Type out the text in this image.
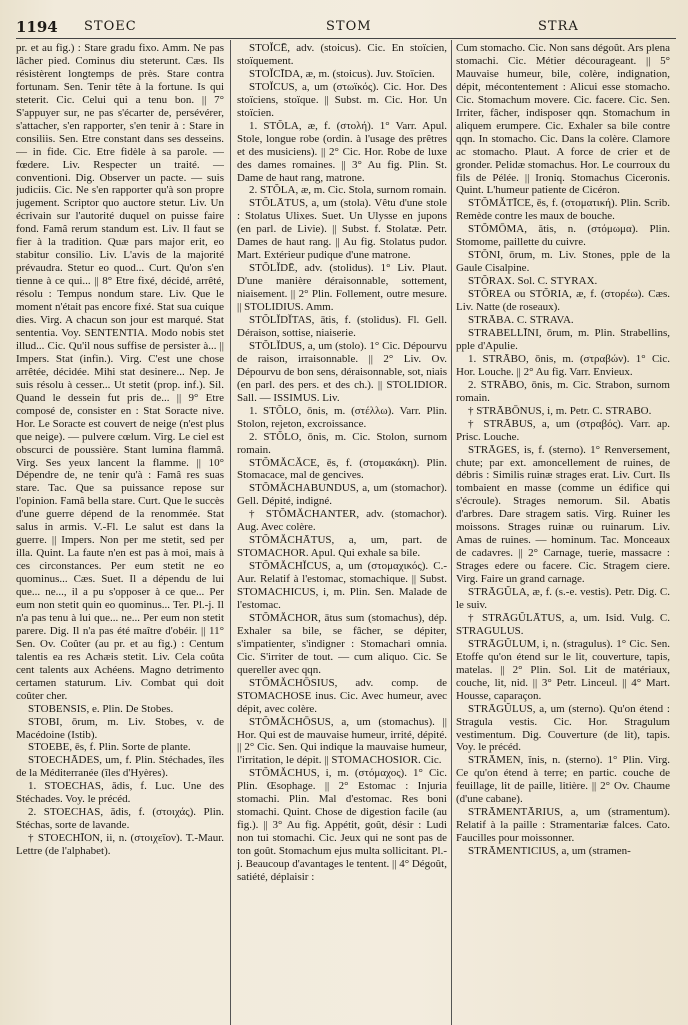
1194 STOEC	STOM	STRA

pr. et au fig.) : Stare gradu fixo. Amm. Ne pas lâcher pied. Cominus diu steterunt. Cæs. Ils résistèrent longtemps de près. Stare contra fortunam. Sen. Tenir tête à la fortune. Is qui steterit. Cic. Celui qui a tenu bon. || 7° S'appuyer sur, ne pas s'écarter de, persévérer, s'attacher, s'en rapporter, s'en tenir à : Stare in consiliis. Sen. Etre constant dans ses desseins. — in fide. Cic. Etre fidèle à sa parole. — fœdere. Liv. Respecter un traité. — conventioni. Dig. Observer un pacte. — suis judiciis. Cic. Ne s'en rapporter qu'à son propre jugement. Scriptor quo auctore stetur. Liv. Un écrivain sur l'autorité duquel on puisse faire fond. Famâ rerum standum est. Liv. Il faut se fier à la tradition. Quæ pars major erit, eo stabitur consilio. Liv. L'avis de la majorité prévaudra. Stetur eo quod... Curt. Qu'on s'en tienne à ce qui... || 8° Etre fixé, décidé, arrêté, résolu : Tempus nondum stare. Liv. Que le moment n'était pas encore fixé. Stat sua cuique dies. Virg. A chacun son jour est marqué. Stat sententia. Voy. SENTENTIA. Modo nobis stet illud... Cic. Qu'il nous suffise de persister à... || Impers. Stat (infin.). Virg. C'est une chose arrêtée, décidée. Mihi stat desinere... Nep. Je suis résolu à cesser... Ut stetit (prop. inf.). Sil. Quand le dessein fut pris de... || 9° Etre composé de, consister en : Stat Soracte nive. Hor. Le Soracte est couvert de neige (n'est plus que neige). — pulvere cœlum. Virg. Le ciel est obscurci de poussière. Stant lumina flammâ. Virg. Ses yeux lancent la flamme. || 10° Dépendre de, ne tenir qu'à : Famâ res suas stare. Tac. Que sa puissance repose sur l'opinion. Famâ bella stare. Curt. Que le succès d'une guerre dépend de la renommée. Stat salus in armis. V.-Fl. Le salut est dans la guerre. || Impers. Non per me stetit, sed per illa. Quint. La faute n'en est pas à moi, mais à ces circonstances. Per eum stetit ne eo quominus... Cæs. Suet. Il a dépendu de lui que... ne..., il a pu s'opposer à ce que... Per eum non stetit quin eo quominus... Ter. Pl.-j. Il n'a pas tenu à lui que... ne... Per eum non stetit parere. Dig. Il n'a pas été maître d'obéir. || 11° Sen. Ov. Coûter (au pr. et au fig.) : Centum talentis ea res Achæis stetit. Liv. Cela coûta cent talents aux Achéens. Magno detrimento certamen staturum. Liv. Combat qui doit coûter cher.

STOBENSIS, e. Plin. De Stobes.

STOBI, ōrum, m. Liv. Stobes, v. de Macédoine (Istib).

STOEBE, ēs, f. Plin. Sorte de plante.

STOECHĀDES, um, f. Plin. Stéchades, îles de la Méditerranée (îles d'Hyères).

1. STOECHAS, ădis, f. Luc. Une des Stéchades. Voy. le précéd.

2. STOECHAS, ădis, f. (στοιχάς). Plin. Stéchas, sorte de lavande.

† STOECHĪON, ii, n. (στοιχεῖον). T.-Maur. Lettre (de l'alphabet).

STOĬCĒ, adv. (stoicus). Cic. En stoïcien, stoïquement.

STOĬCĪDA, æ, m. (stoicus). Juv. Stoïcien.

STOĬCUS, a, um (στωϊκός). Cic. Hor. Des stoïciens, stoïque. || Subst. m. Cic. Hor. Un stoïcien.

1. STŎLA, æ, f. (στολή). 1° Varr. Apul. Stole, longue robe (ordin. à l'usage des prêtres et des musiciens). || 2° Cic. Hor. Robe de luxe des dames romaines. || 3° Au fig. Plin. St. Dame de haut rang, matrone.

2. STŎLA, æ, m. Cic. Stola, surnom romain.

STŎLĀTUS, a, um (stola). Vêtu d'une stole : Stolatus Ulixes. Suet. Un Ulysse en jupons (en parl. de Livie). || Subst. f. Stolatæ. Petr. Dames de haut rang. || Au fig. Stolatus pudor. Mart. Extérieur pudique d'une matrone.

STŎLĬDĒ, adv. (stolidus). 1° Liv. Plaut. D'une manière déraisonnable, sottement, niaisement. || 2° Plin. Follement, outre mesure. || STOLIDIUS. Amm.

STŎLĬDĬTAS, ātis, f. (stolidus). Fl. Gell. Déraison, sottise, niaiserie.

STŎLĬDUS, a, um (stolo). 1° Cic. Dépourvu de raison, irraisonnable. || 2° Liv. Ov. Dépourvu de bon sens, déraisonnable, sot, niais (en parl. des pers. et des ch.). || STOLIDIOR. Sall. — ISSIMUS. Liv.

1. STŎLO, ōnis, m. (στέλλω). Varr. Plin. Stolon, rejeton, excroissance.

2. STŎLO, ōnis, m. Cic. Stolon, surnom romain.

STŎMĂCĂCE, ēs, f. (στομακάκη). Plin. Stomacace, mal de gencives.

STŎMĂCHABUNDUS, a, um (stomachor). Gell. Dépité, indigné.

† STŎMĂCHANTER, adv. (stomachor). Aug. Avec colère.

STŎMĂCHĀTUS, a, um, part. de STOMACHOR. Apul. Qui exhale sa bile.

STŎMĂCHĬCUS, a, um (στομαχικός). C.-Aur. Relatif à l'estomac, stomachique. || Subst. STOMACHICUS, i, m. Plin. Sen. Malade de l'estomac.

STŎMĂCHOR, ātus sum (stomachus), dép. Exhaler sa bile, se fâcher, se dépiter, s'impatienter, s'indigner : Stomachari omnia. Cic. S'irriter de tout. — cum aliquo. Cic. Se quereller avec qqn.

STŎMĂCHŌSIUS, adv. comp. de STOMACHOSE inus. Cic. Avec humeur, avec dépit, avec colère.

STŎMĂCHŌSUS, a, um (stomachus). || Hor. Qui est de mauvaise humeur, irrité, dépité. || 2° Cic. Sen. Qui indique la mauvaise humeur, l'irritation, le dépit. || STOMACHOSIOR. Cic.

STŎMĂCHUS, i, m. (στόμαχος). 1° Cic. Plin. Œsophage. || 2° Estomac : Injuria stomachi. Plin. Mal d'estomac. Res boni stomachi. Quint. Chose de digestion facile (au fig.). || 3° Au fig. Appétit, goût, désir : Ludi non tui stomachi. Cic. Jeux qui ne sont pas de ton goût. Stomachum ejus multa sollicitant. Pl.-j. Beaucoup d'avantages le tentent. || 4° Dégoût, satiété, déplaisir :

Cum stomacho. Cic. Non sans dégoût. Ars plena stomachi. Cic. Métier décourageant. || 5° Mauvaise humeur, bile, colère, indignation, dépit, mécontentement : Alicui esse stomacho. Cic. Stomachum movere. Cic. facere. Cic. Sen. Irriter, fâcher, indisposer qqn. Stomachum in aliquem erumpere. Cic. Exhaler sa bile contre qqn. In stomacho. Cic. Dans la colère. Clamore ac stomacho. Plaut. A force de crier et de gronder. Pelidæ stomachus. Hor. Le courroux du fils de Pélée. || Ironiq. Stomachus Ciceronis. Quint. L'humeur patiente de Cicéron.

STŎMĂTĪCE, ēs, f. (στοματική). Plin. Scrib. Remède contre les maux de bouche.

STŎMŌMA, ătis, n. (στόμωμα). Plin. Stomome, paillette du cuivre.

STŎNI, ōrum, m. Liv. Stones, pple de la Gaule Cisalpine.

STŎRAX. Sol. C. STYRAX.

STŎREA ou STŎRIA, æ, f. (στορέω). Cæs. Liv. Natte (de roseaux).

STRĀBA. C. STRAVA.

STRABELLĪNI, ōrum, m. Plin. Strabellins, pple d'Apulie.

1. STRĀBO, ōnis, m. (στραβών). 1° Cic. Hor. Louche. || 2° Au fig. Varr. Envieux.

2. STRĀBO, ōnis, m. Cic. Strabon, surnom romain.

† STRĀBŌNUS, i, m. Petr. C. STRABO.

† STRĀBUS, a, um (στραβός). Varr. ap. Prisc. Louche.

STRĀGES, is, f. (sterno). 1° Renversement, chute; par ext. amoncellement de ruines, de débris : Similis ruinæ strages erat. Liv. Curt. Ils tombaient en masse (comme un édifice qui s'écroule). Strages nemorum. Sil. Abatis d'arbres. Dare stragem satis. Virg. Ruiner les moissons. Strages ruinæ ou ruinarum. Liv. Amas de ruines. — hominum. Tac. Monceaux de cadavres. || 2° Carnage, tuerie, massacre : Strages edere ou facere. Cic. Stragem ciere. Virg. Faire un grand carnage.

STRĀGŬLA, æ, f. (s.-e. vestis). Petr. Dig. C. le suiv.

† STRĀGŬLĀTUS, a, um. Isid. Vulg. C. STRAGULUS.

STRĀGŬLUM, i, n. (stragulus). 1° Cic. Sen. Etoffe qu'on étend sur le lit, couverture, tapis, matelas. || 2° Plin. Sol. Lit de matériaux, couche, lit, nid. || 3° Petr. Linceul. || 4° Mart. Housse, caparaçon.

STRĀGŬLUS, a, um (sterno). Qu'on étend : Stragula vestis. Cic. Hor. Stragulum vestimentum. Dig. Couverture (de lit), tapis. Voy. le précéd.

STRĀMEN, ĭnis, n. (sterno). 1° Plin. Virg. Ce qu'on étend à terre; en partic. couche de feuillage, lit de paille, litière. || 2° Ov. Chaume (d'une cabane).

STRĀMENTĀRIUS, a, um (stramentum). Relatif à la paille : Stramentariæ falces. Cato. Faucilles pour moissonner.

STRĀMENTICIUS, a, um (stramen-
